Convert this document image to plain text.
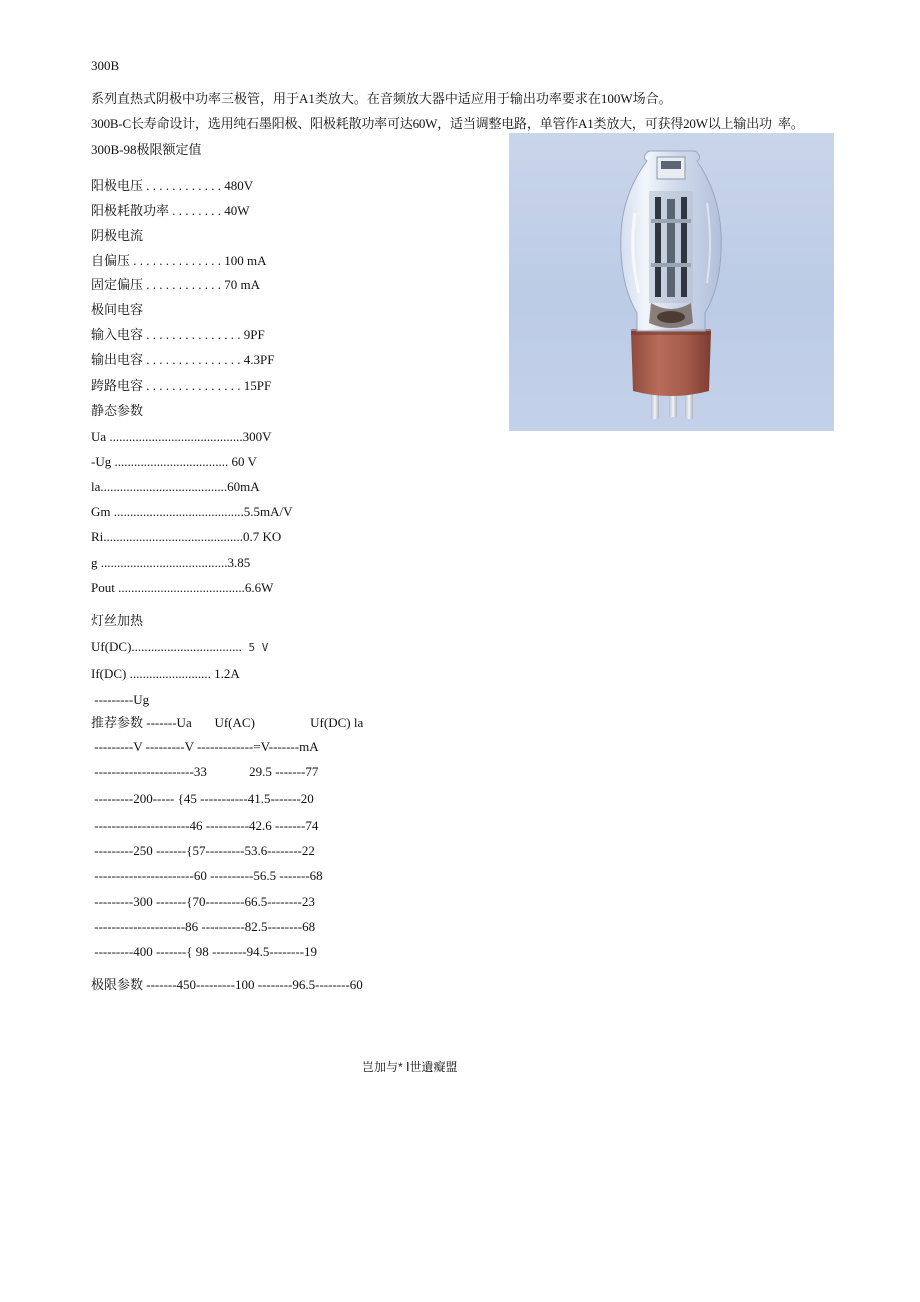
300B
系列直热式阴极中功率三极管，用于A1类放大。在音频放大器中适应用于输出功率要求在100W场合。
300B-C长寿命设计，选用纯石墨阳极、阳极耗散功率可达60W，适当调整电路，单管作A1类放大，可获得20W以上输出功  率。
300B-98极限额定值
阳极电压 . . . . . . . . . . . . 480V
阳极耗散功率 . . . . . . . . 40W
阴极电流
自偏压 . . . . . . . . . . . . . . 100 mA
固定偏压 . . . . . . . . . . . . 70 mA
极间电容
输入电容 . . . . . . . . . . . . . . . 9PF
输出电容 . . . . . . . . . . . . . . . 4.3PF
跨路电容 . . . . . . . . . . . . . . . 15PF
静态参数
Ua .........................................300V
-Ug ................................... 60 V
la.......................................60mA
Gm ........................................5.5mA/V
Ri...........................................0.7 KO
g .......................................3.85
Pout .......................................6.6W
灯丝加热
Uf(DC).................................. 5 V
If(DC) ......................... 1.2A
---------Ug
推荐参数 -------Ua       Uf(AC)                 Uf(DC) la
---------V ---------V -------------=V-------mA
-----------------------33             29.5 -------77
---------200----- {45 -----------41.5-------20
----------------------46 ----------42.6 -------74
---------250 -------{57---------53.6--------22
-----------------------60 ----------56.5 -------68
---------300 -------{70---------66.5--------23
---------------------86 ----------82.5--------68
---------400 -------{ 98 --------94.5--------19
极限参数 -------450---------100 --------96.5--------60
岂加与* Ⅰ世遺癡盟
